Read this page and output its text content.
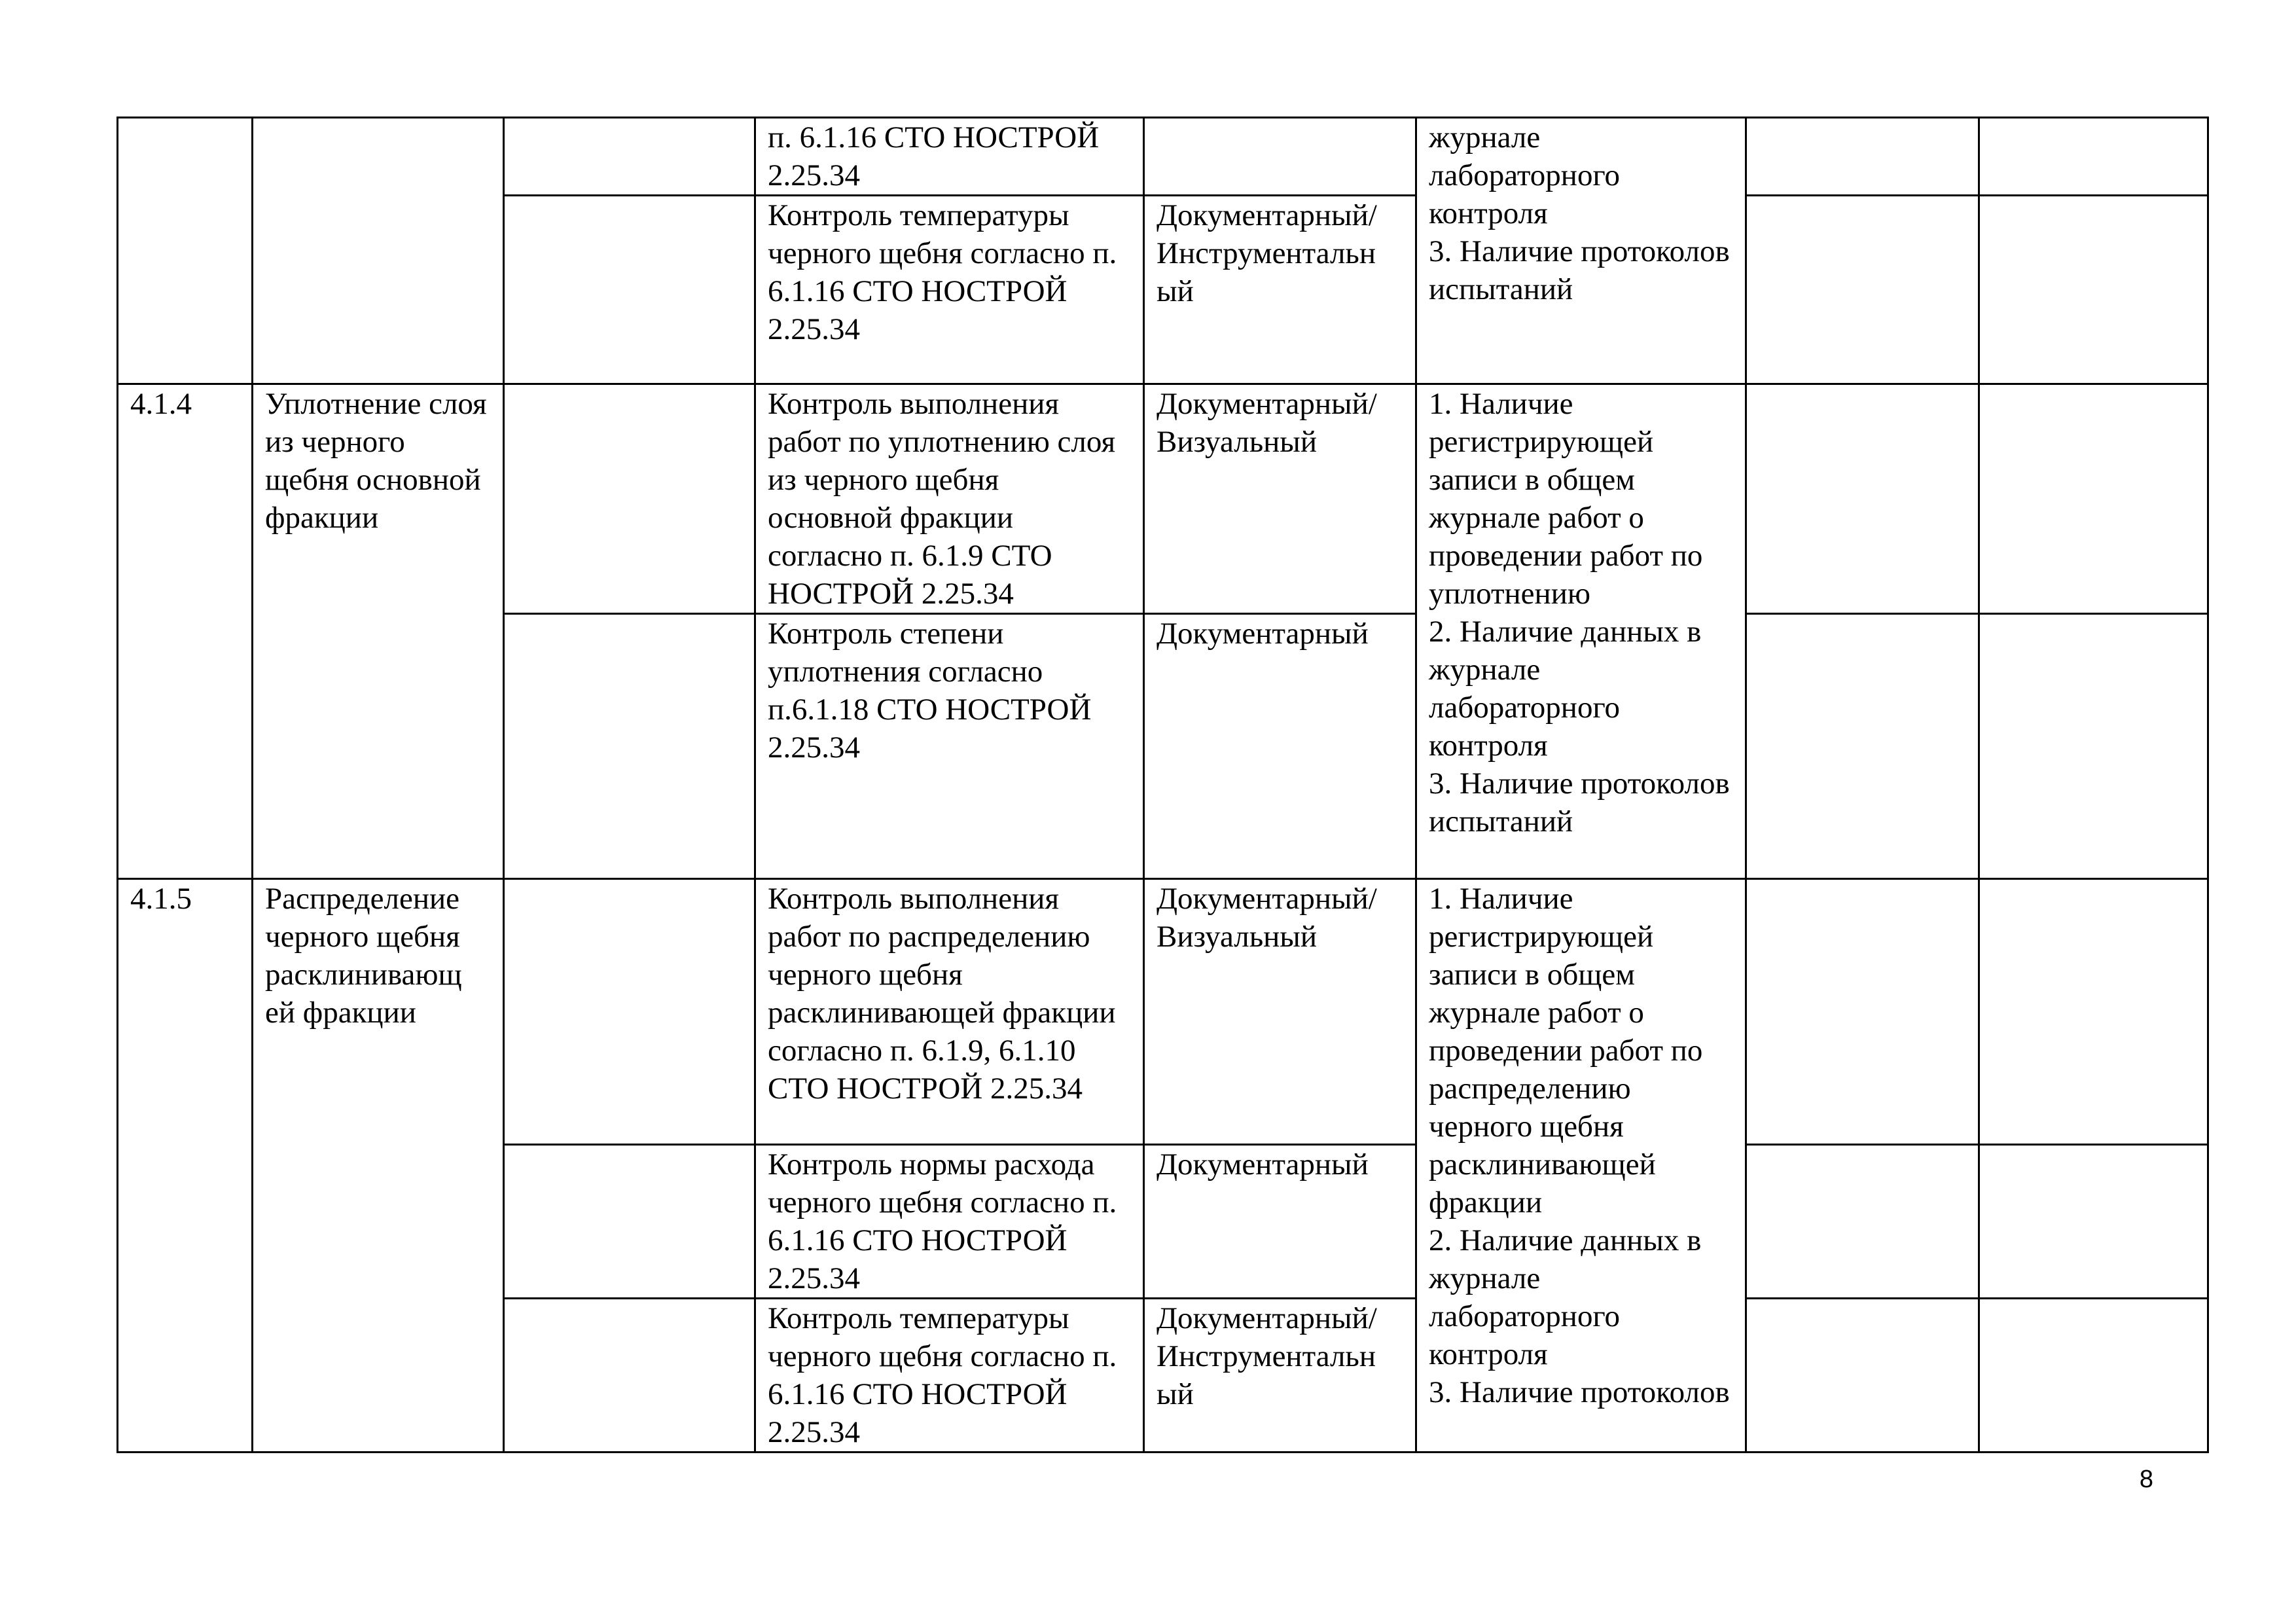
			п. 6.1.16 СТО НОСТРОЙ 2.25.34		журнале лабораторного контроля
3. Наличие протоколов испытаний		

			Контроль температуры черного щебня согласно п. 6.1.16 СТО НОСТРОЙ 2.25.34	Документарный/ Инструментальн ый			

4.1.4	Уплотнение слоя из черного щебня основной фракции		Контроль выполнения работ по уплотнению слоя из черного щебня основной фракции согласно п. 6.1.9 СТО НОСТРОЙ 2.25.34	Документарный/ Визуальный	1. Наличие регистрирующей записи в общем журнале работ о проведении работ по уплотнению
2. Наличие данных в журнале лабораторного контроля
3. Наличие протоколов испытаний		

			Контроль степени уплотнения согласно п.6.1.18 СТО НОСТРОЙ 2.25.34	Документарный			

4.1.5	Распределение черного щебня расклинивающ ей фракции		Контроль выполнения работ по распределению черного щебня расклинивающей фракции согласно п. 6.1.9, 6.1.10 СТО НОСТРОЙ 2.25.34	Документарный/ Визуальный	1. Наличие регистрирующей записи в общем журнале работ о проведении работ по распределению черного щебня расклинивающей фракции
2. Наличие данных в журнале лабораторного контроля
3. Наличие протоколов		

			Контроль нормы расхода черного щебня согласно п. 6.1.16 СТО НОСТРОЙ 2.25.34	Документарный			

			Контроль температуры черного щебня согласно п. 6.1.16 СТО НОСТРОЙ 2.25.34	Документарный/ Инструментальн ый			

8
